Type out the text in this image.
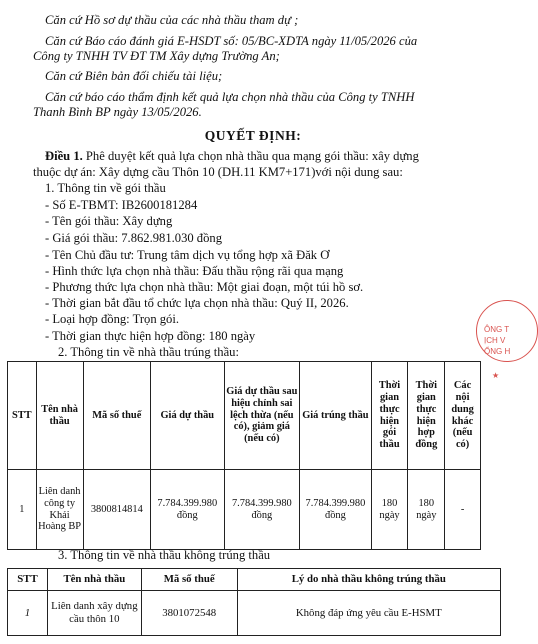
Căn cứ Hồ sơ dự thầu của các nhà thầu tham dự ;
Căn cứ Báo cáo đánh giá E-HSDT số: 05/BC-XDTA ngày 11/05/2026 của
Công ty TNHH TV ĐT TM Xây dựng Trường An;
Căn cứ Biên bản đối chiếu tài liệu;
Căn cứ báo cáo thẩm định kết quả lựa chọn nhà thầu của Công ty TNHH
Thanh Bình BP ngày 13/05/2026.
QUYẾT ĐỊNH:
Điều 1. Phê duyệt kết quả lựa chọn nhà thầu qua mạng gói thầu: xây dựng
thuộc dự án: Xây dựng cầu Thôn 10 (DH.11 KM7+171)với nội dung sau:
1. Thông tin về gói thầu
- Số E-TBMT: IB2600181284
- Tên gói thầu: Xây dựng
- Giá gói thầu: 7.862.981.030 đồng
- Tên Chủ đầu tư: Trung tâm dịch vụ tổng hợp xã Đăk Ơ
- Hình thức lựa chọn nhà thầu: Đấu thầu rộng rãi qua mạng
- Phương thức lựa chọn nhà thầu: Một giai đoạn, một túi hồ sơ.
- Thời gian bắt đầu tổ chức lựa chọn nhà thầu: Quý II, 2026.
- Loại hợp đồng: Trọn gói.
- Thời gian thực hiện hợp đồng: 180 ngày
2. Thông tin về nhà thầu trúng thầu:
STT	Tên nhà thầu	Mã số thuế	Giá dự thầu	Giá dự thầu sau hiệu chỉnh sai lệch thừa (nếu có), giảm giá (nếu có)	Giá trúng thầu	Thời gian thực hiện gói thầu	Thời gian thực hiện hợp đồng	Các nội dung khác (nếu có)
1	Liên danh công ty Khải Hoàng BP	3800814814	7.784.399.980 đồng	7.784.399.980 đồng	7.784.399.980 đồng	180 ngày	180 ngày	-
3. Thông tin về nhà thầu không trúng thầu
STT	Tên nhà thầu	Mã số thuế	Lý do nhà thầu không trúng thầu
1	Liên danh xây dựng cầu thôn 10	3801072548	Không đáp ứng yêu cầu E-HSMT
ÔNG T
ỊCH V
ỔNG H
★
